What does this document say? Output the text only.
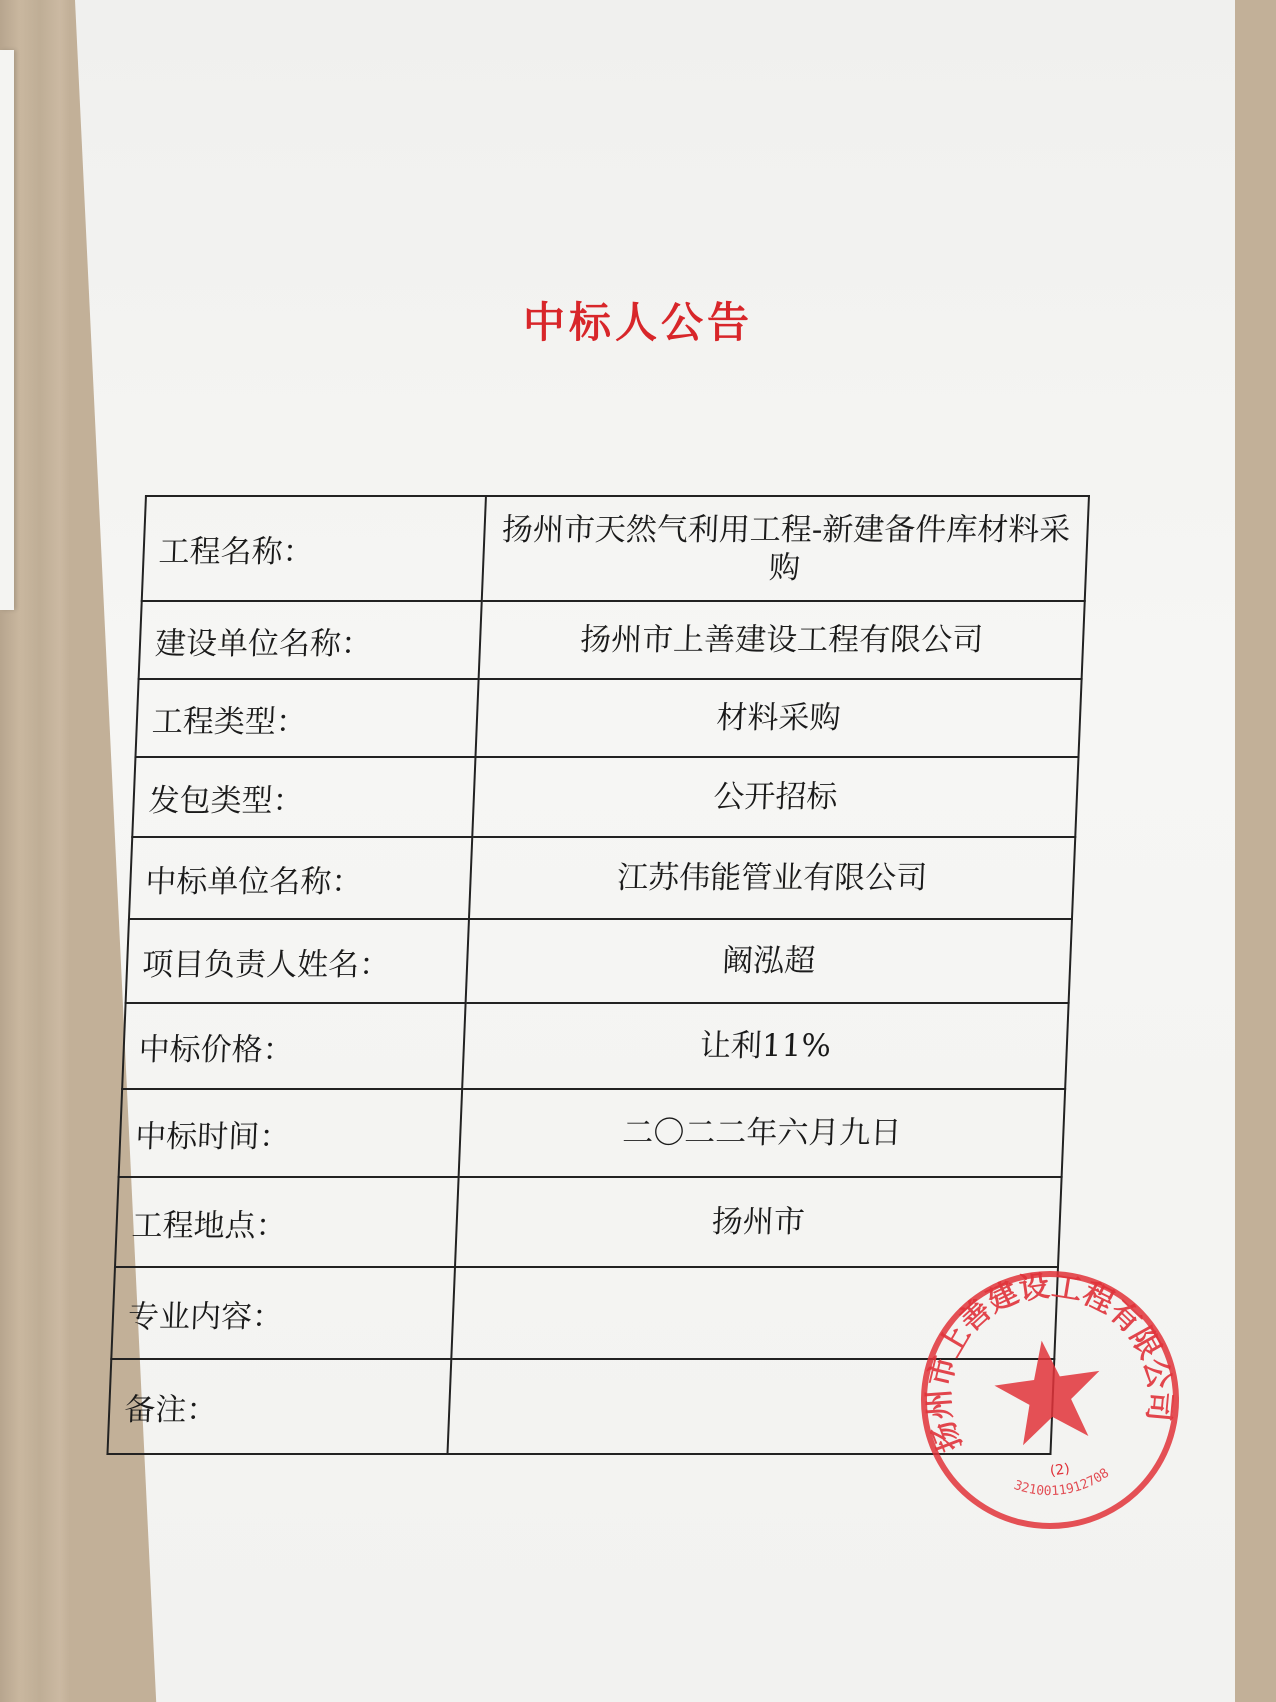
中标人公告
工程名称：	扬州市天然气利用工程-新建备件库材料采购
建设单位名称：	扬州市上善建设工程有限公司
工程类型：	材料采购
发包类型：	公开招标
中标单位名称：	江苏伟能管业有限公司
项目负责人姓名：	阚泓超
中标价格：	让利11%
中标时间：	二〇二二年六月九日
工程地点：	扬州市
专业内容：	
备注：	
扬州市上善建设工程有限公司
(2)
3210011912708
